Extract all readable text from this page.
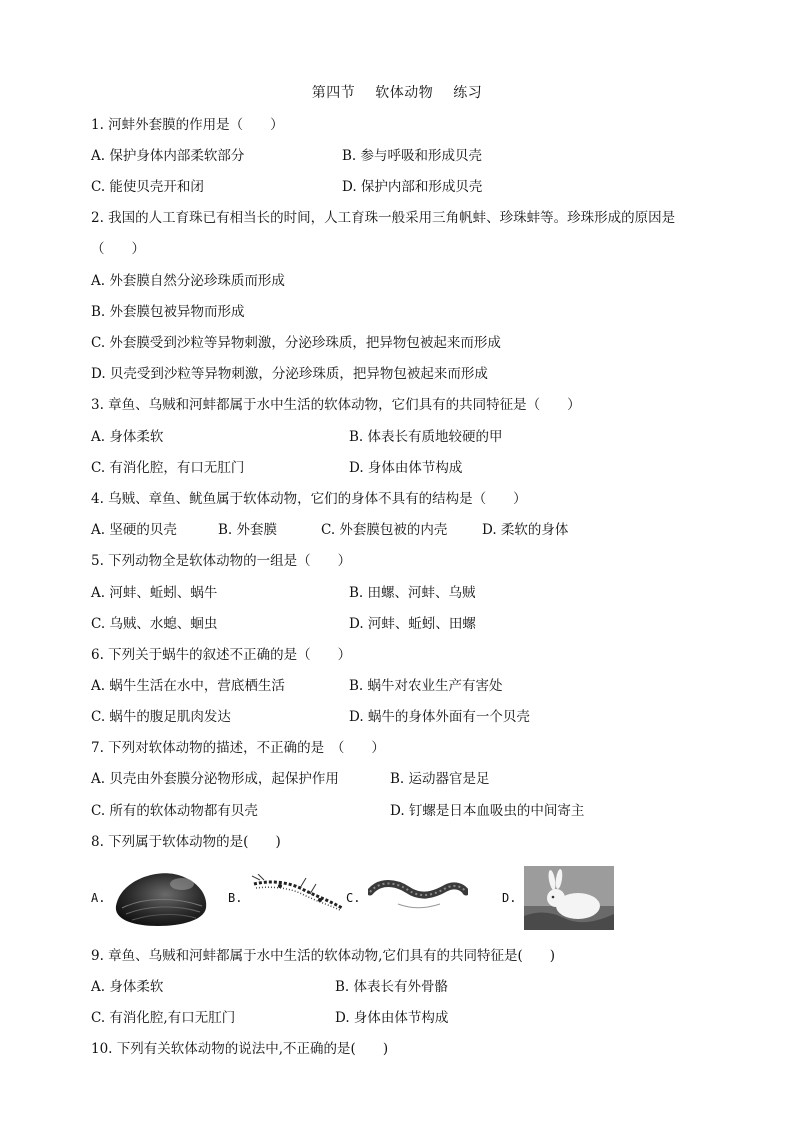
第四节 软体动物 练习
1. 河蚌外套膜的作用是（　　）
A. 保护身体内部柔软部分	B. 参与呼吸和形成贝壳
C. 能使贝壳开和闭	D. 保护内部和形成贝壳
2. 我国的人工育珠已有相当长的时间，人工育珠一般采用三角帆蚌、珍珠蚌等。珍珠形成的原因是
（　　）
A. 外套膜自然分泌珍珠质而形成
B. 外套膜包被异物而形成
C. 外套膜受到沙粒等异物刺激，分泌珍珠质，把异物包被起来而形成
D. 贝壳受到沙粒等异物刺激，分泌珍珠质，把异物包被起来而形成
3. 章鱼、乌贼和河蚌都属于水中生活的软体动物，它们具有的共同特征是（　　）
A. 身体柔软	B. 体表长有质地较硬的甲
C. 有消化腔，有口无肛门	D. 身体由体节构成
4. 乌贼、章鱼、鱿鱼属于软体动物，它们的身体不具有的结构是（　　）
A. 坚硬的贝壳	B. 外套膜	C. 外套膜包被的内壳	D. 柔软的身体
5. 下列动物全是软体动物的一组是（　　）
A. 河蚌、蚯蚓、蜗牛	B. 田螺、河蚌、乌贼
C. 乌贼、水螅、蛔虫	D. 河蚌、蚯蚓、田螺
6. 下列关于蜗牛的叙述不正确的是（　　）
A. 蜗牛生活在水中，营底栖生活	B. 蜗牛对农业生产有害处
C. 蜗牛的腹足肌肉发达	D. 蜗牛的身体外面有一个贝壳
7. 下列对软体动物的描述，不正确的是　（　　）
A. 贝壳由外套膜分泌物形成，起保护作用	B. 运动器官是足
C. 所有的软体动物都有贝壳	D. 钉螺是日本血吸虫的中间寄主
8. 下列属于软体动物的是(　　)
A.	B.	C.	D.
9. 章鱼、乌贼和河蚌都属于水中生活的软体动物,它们具有的共同特征是(　　)
A. 身体柔软	B. 体表长有外骨骼
C. 有消化腔,有口无肛门	D. 身体由体节构成
10. 下列有关软体动物的说法中,不正确的是(　　)
